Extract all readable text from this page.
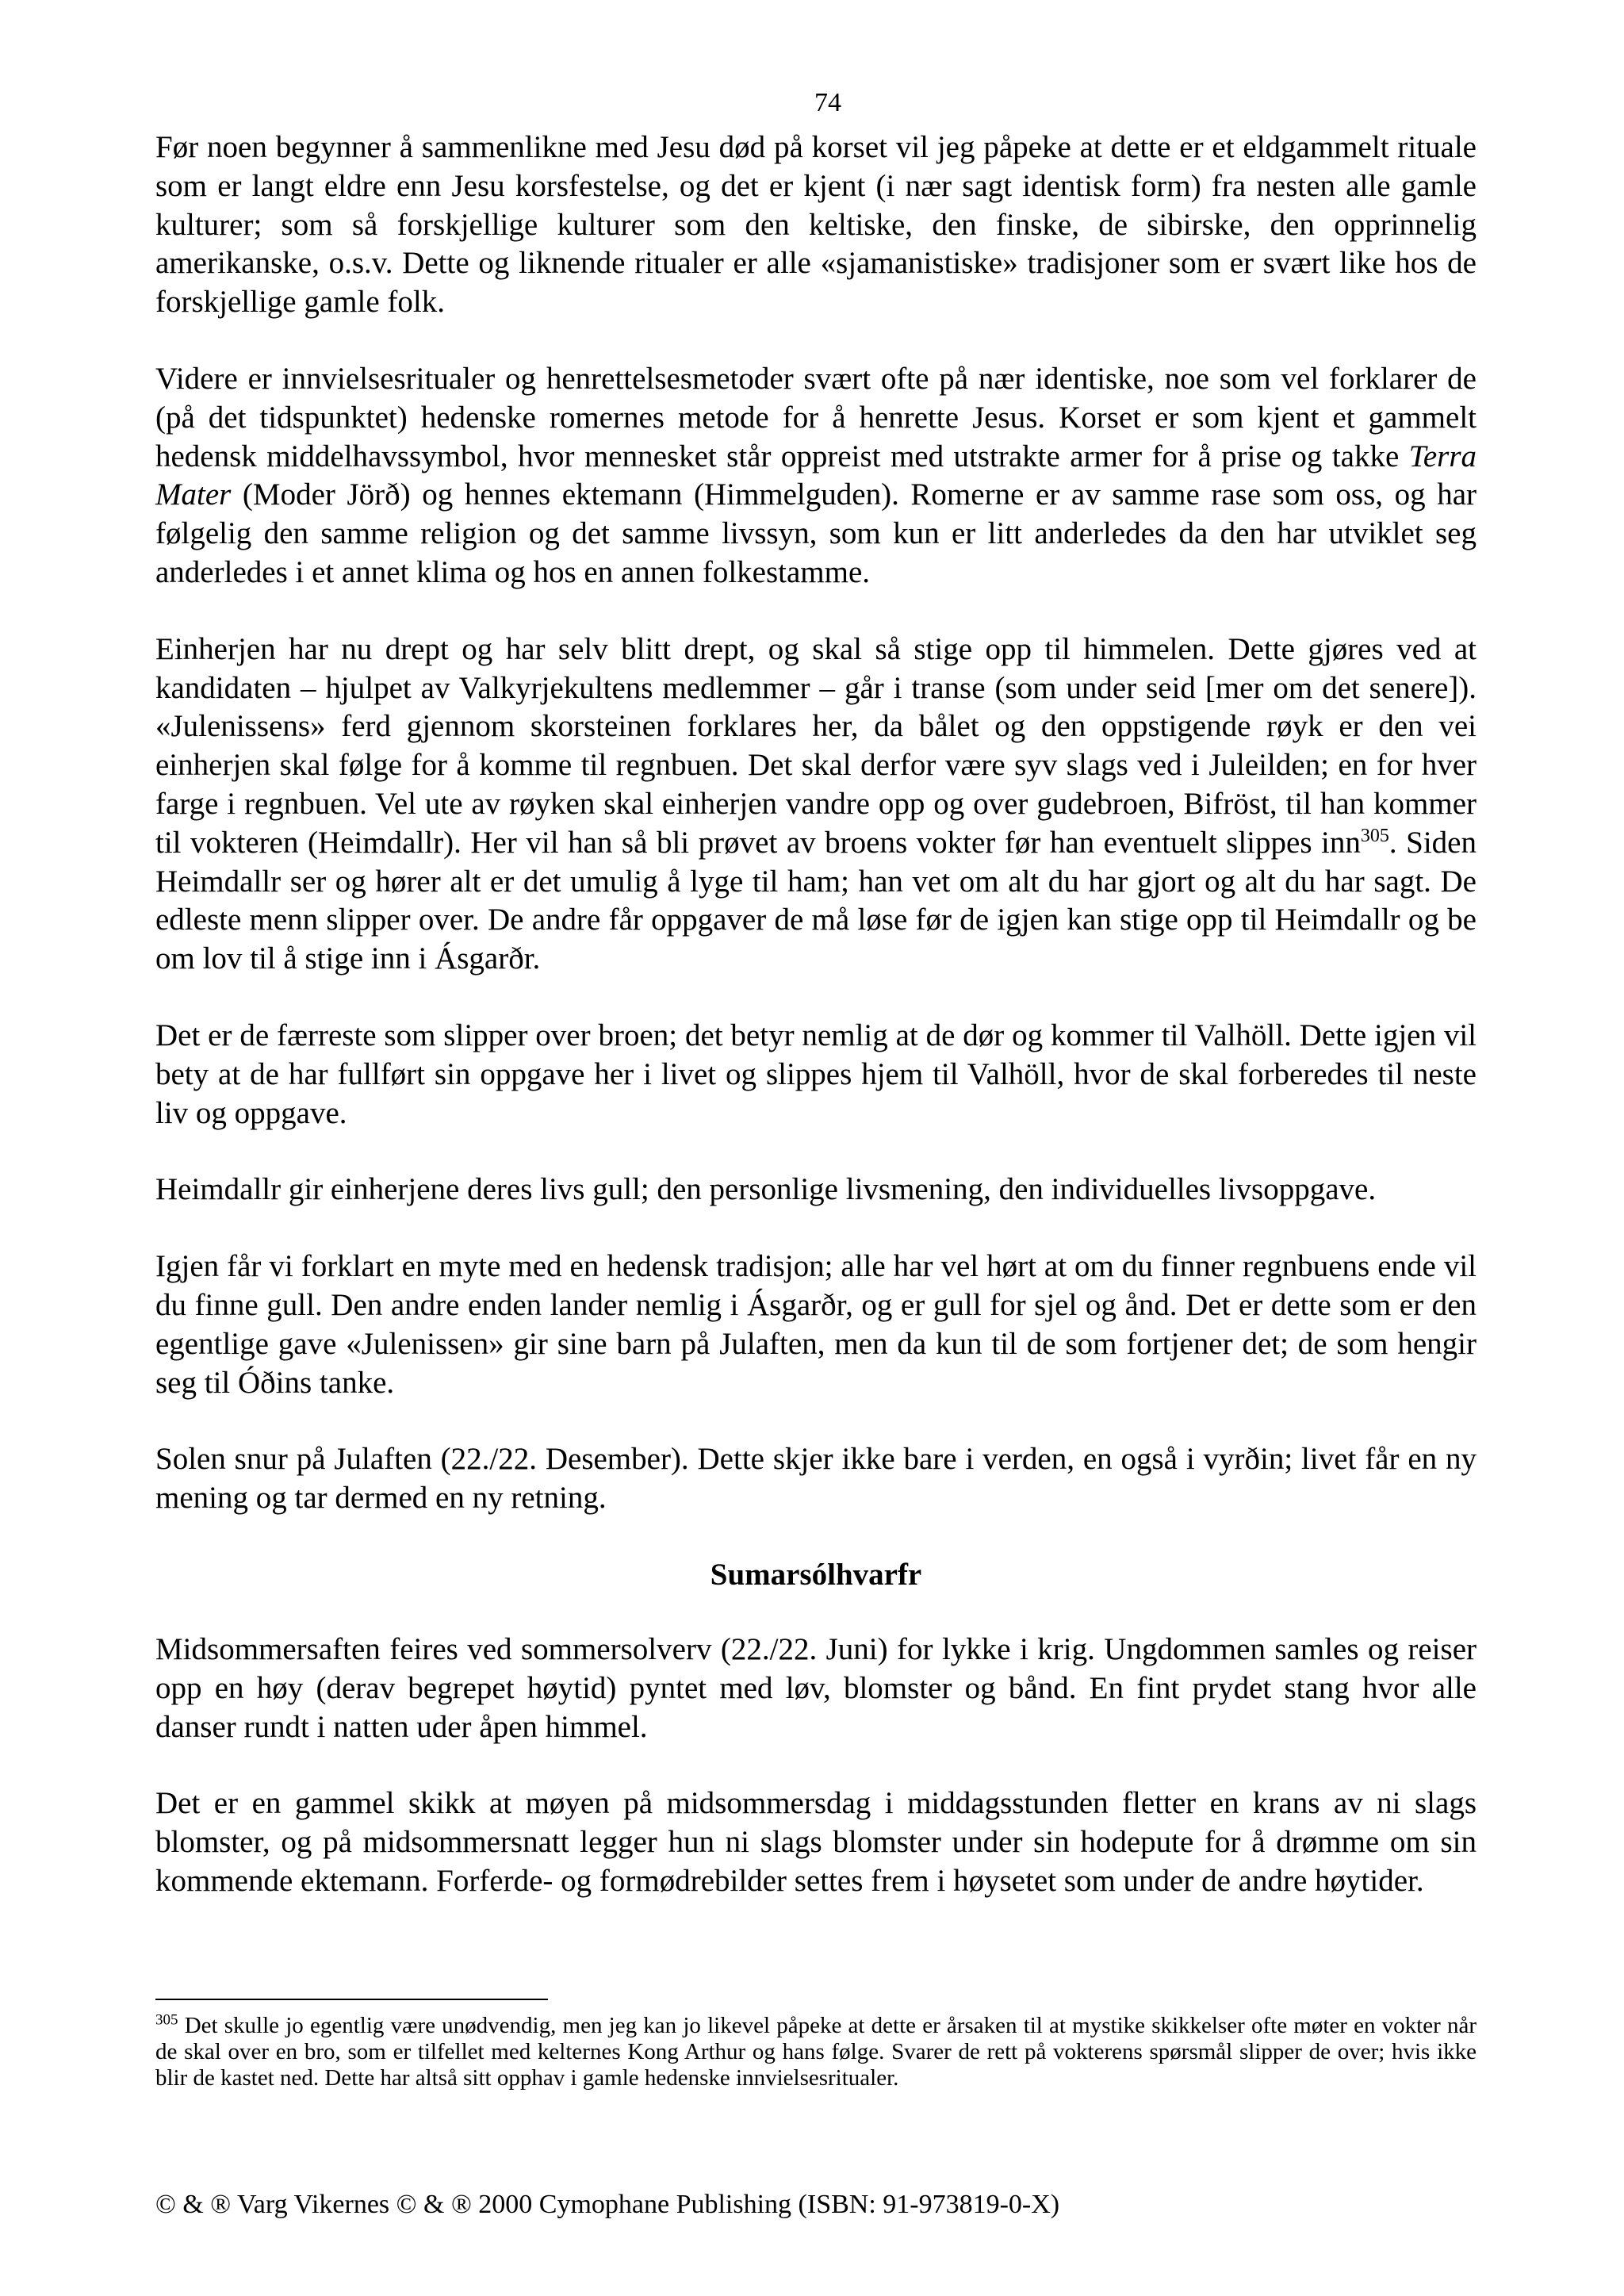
74

Før noen begynner å sammenlikne med Jesu død på korset vil jeg påpeke at dette er et eldgammelt rituale som er langt eldre enn Jesu korsfestelse, og det er kjent (i nær sagt identisk form) fra nesten alle gamle kulturer; som så forskjellige kulturer som den keltiske, den finske, de sibirske, den opprinnelig amerikanske, o.s.v. Dette og liknende ritualer er alle «sjamanistiske» tradisjoner som er svært like hos de forskjellige gamle folk.

Videre er innvielsesritualer og henrettelsesmetoder svært ofte på nær identiske, noe som vel forklarer de (på det tidspunktet) hedenske romernes metode for å henrette Jesus. Korset er som kjent et gammelt hedensk middelhavssymbol, hvor mennesket står oppreist med utstrakte armer for å prise og takke Terra Mater (Moder Jörð) og hennes ektemann (Himmelguden). Romerne er av samme rase som oss, og har følgelig den samme religion og det samme livssyn, som kun er litt anderledes da den har utviklet seg anderledes i et annet klima og hos en annen folkestamme.

Einherjen har nu drept og har selv blitt drept, og skal så stige opp til himmelen. Dette gjøres ved at kandidaten – hjulpet av Valkyrjekultens medlemmer – går i transe (som under seid [mer om det senere]). «Julenissens» ferd gjennom skorsteinen forklares her, da bålet og den oppstigende røyk er den vei einherjen skal følge for å komme til regnbuen. Det skal derfor være syv slags ved i Juleilden; en for hver farge i regnbuen. Vel ute av røyken skal einherjen vandre opp og over gudebroen, Bifröst, til han kommer til vokteren (Heimdallr). Her vil han så bli prøvet av broens vokter før han eventuelt slippes inn$^{305}$. Siden Heimdallr ser og hører alt er det umulig å lyge til ham; han vet om alt du har gjort og alt du har sagt. De edleste menn slipper over. De andre får oppgaver de må løse før de igjen kan stige opp til Heimdallr og be om lov til å stige inn i Ásgarðr.

Det er de færreste som slipper over broen; det betyr nemlig at de dør og kommer til Valhöll. Dette igjen vil bety at de har fullført sin oppgave her i livet og slippes hjem til Valhöll, hvor de skal forberedes til neste liv og oppgave.

Heimdallr gir einherjene deres livs gull; den personlige livsmening, den individuelles livsoppgave.

Igjen får vi forklart en myte med en hedensk tradisjon; alle har vel hørt at om du finner regnbuens ende vil du finne gull. Den andre enden lander nemlig i Ásgarðr, og er gull for sjel og ånd. Det er dette som er den egentlige gave «Julenissen» gir sine barn på Julaften, men da kun til de som fortjener det; de som hengir seg til Óðins tanke.

Solen snur på Julaften (22./22. Desember). Dette skjer ikke bare i verden, en også i vyrðin; livet får en ny mening og tar dermed en ny retning.

Sumarsólhvarfr

Midsommersaften feires ved sommersolverv (22./22. Juni) for lykke i krig. Ungdommen samles og reiser opp en høy (derav begrepet høytid) pyntet med løv, blomster og bånd. En fint prydet stang hvor alle danser rundt i natten uder åpen himmel.

Det er en gammel skikk at møyen på midsommersdag i middagsstunden fletter en krans av ni slags blomster, og på midsommersnatt legger hun ni slags blomster under sin hodepute for å drømme om sin kommende ektemann. Forferde- og formødrebilder settes frem i høysetet som under de andre høytider.

$^{305}$ Det skulle jo egentlig være unødvendig, men jeg kan jo likevel påpeke at dette er årsaken til at mystike skikkelser ofte møter en vokter når de skal over en bro, som er tilfellet med kelternes Kong Arthur og hans følge. Svarer de rett på vokterens spørsmål slipper de over; hvis ikke blir de kastet ned. Dette har altså sitt opphav i gamle hedenske innvielsesritualer.
© & ® Varg Vikernes © & ® 2000 Cymophane Publishing (ISBN: 91-973819-0-X)
